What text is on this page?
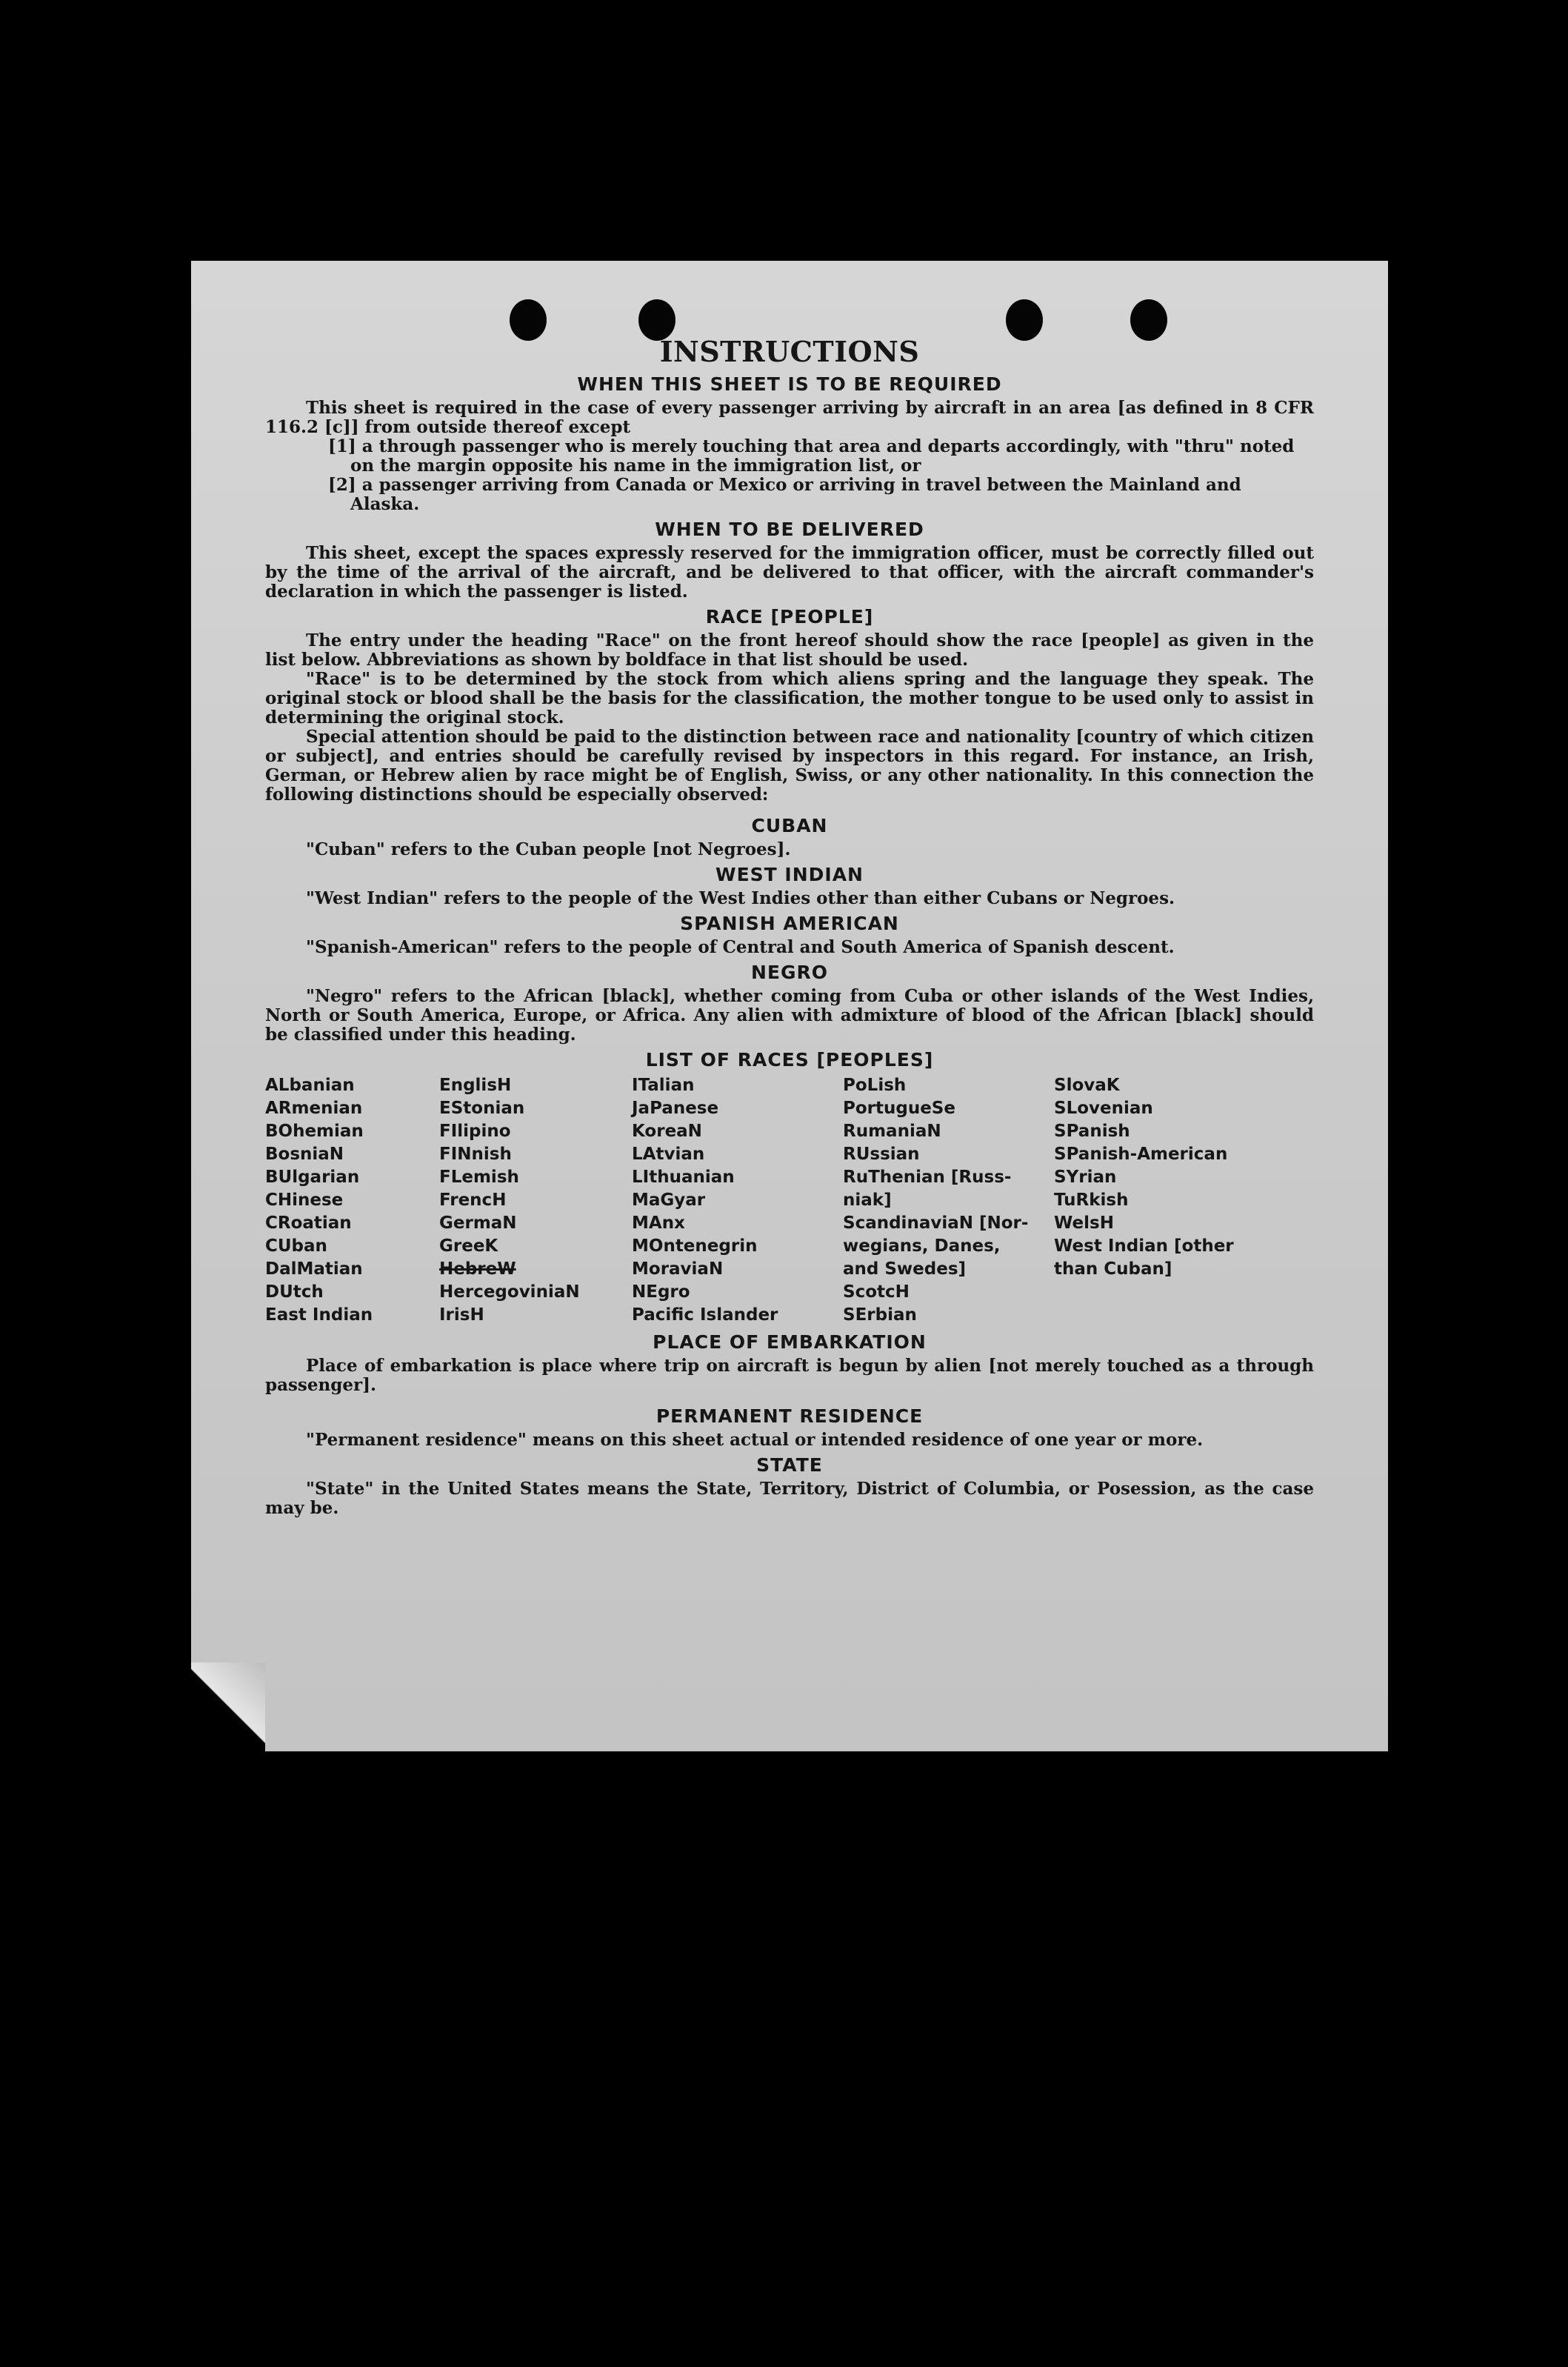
INSTRUCTIONS
WHEN THIS SHEET IS TO BE REQUIRED

This sheet is required in the case of every passenger arriving by aircraft in an area [as defined in 8 CFR 116.2 [c]] from outside thereof except

[1] a through passenger who is merely touching that area and departs accordingly, with "thru" noted on the margin opposite his name in the immigration list, or

[2] a passenger arriving from Canada or Mexico or arriving in travel between the Mainland and Alaska.

WHEN TO BE DELIVERED

This sheet, except the spaces expressly reserved for the immigration officer, must be correctly filled out by the time of the arrival of the aircraft, and be delivered to that officer, with the aircraft commander's declaration in which the passenger is listed.

RACE [PEOPLE]

The entry under the heading "Race" on the front hereof should show the race [people] as given in the list below. Abbreviations as shown by boldface in that list should be used.

"Race" is to be determined by the stock from which aliens spring and the language they speak. The original stock or blood shall be the basis for the classification, the mother tongue to be used only to assist in determining the original stock.

Special attention should be paid to the distinction between race and nationality [country of which citizen or subject], and entries should be carefully revised by inspectors in this regard. For instance, an Irish, German, or Hebrew alien by race might be of English, Swiss, or any other nationality. In this connection the following distinctions should be especially observed:

CUBAN

"Cuban" refers to the Cuban people [not Negroes].

WEST INDIAN

"West Indian" refers to the people of the West Indies other than either Cubans or Negroes.

SPANISH AMERICAN

"Spanish-American" refers to the people of Central and South America of Spanish descent.

NEGRO

"Negro" refers to the African [black], whether coming from Cuba or other islands of the West Indies, North or South America, Europe, or Africa. Any alien with admixture of blood of the African [black] should be classified under this heading.

LIST OF RACES [PEOPLES]
ALbanian
ARmenian
BOhemian
BosniaN
BUlgarian
CHinese
CRoatian
CUban
DalMatian
DUtch
East Indian
EnglisH
EStonian
FIlipino
FINnish
FLemish
FrencH
GermaN
GreeK
HebreW
HercegoviniaN
IrisH
ITalian
JaPanese
KoreaN
LAtvian
LIthuanian
MaGyar
MAnx
MOntenegrin
MoraviaN
NEgro
Pacific Islander
PoLish
PortugueSe
RumaniaN
RUssian
RuThenian [Russ-
niak]
ScandinaviaN [Nor-
wegians, Danes,
and Swedes]
ScotcH
SErbian
SlovaK
SLovenian
SPanish
SPanish-American
SYrian
TuRkish
WelsH
West Indian [other
than Cuban]
PLACE OF EMBARKATION

Place of embarkation is place where trip on aircraft is begun by alien [not merely touched as a through passenger].

PERMANENT RESIDENCE

"Permanent residence" means on this sheet actual or intended residence of one year or more.

STATE

"State" in the United States means the State, Territory, District of Columbia, or Posession, as the case may be.
